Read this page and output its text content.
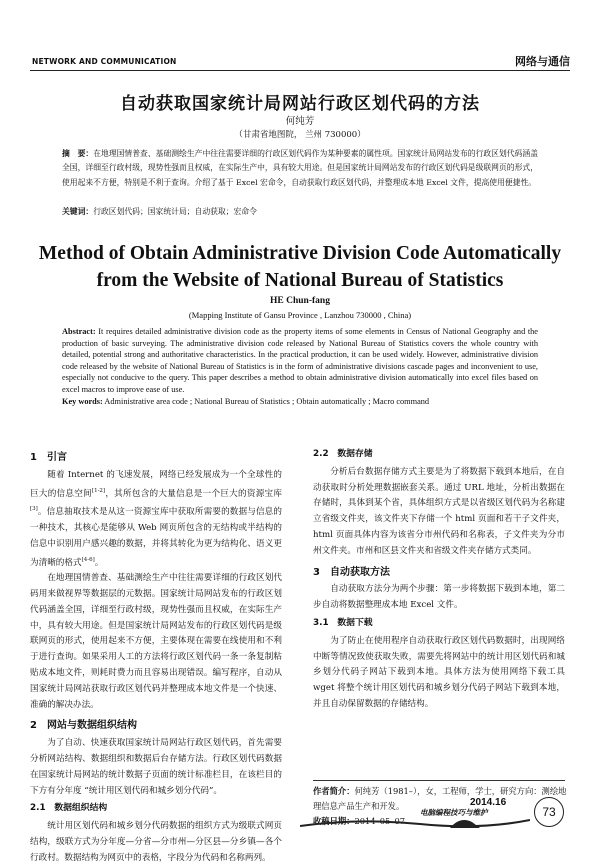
NETWORK AND COMMUNICATION	网络与通信
自动获取国家统计局网站行政区划代码的方法
何纯芳
（甘肃省地图院， 兰州 730000）
摘　要：在地理国情普查、基础测绘生产中往往需要详细的行政区划代码作为某种要素的属性项。国家统计局网站发布的行政区划代码涵盖全国，详细至行政村级，现势性强而且权威，在实际生产中，具有较大用途。但是国家统计局网站发布的行政区划代码是级联网页的形式，使用起来不方便，特别是不利于查询。介绍了基于 Excel 宏命令，自动获取行政区划代码，并整理成本地 Excel 文件，提高使用便捷性。
关键词：行政区划代码；国家统计局；自动获取；宏命令
Method of Obtain Administrative Division Code Automatically from the Website of National Bureau of Statistics
HE Chun-fang
(Mapping Institute of Gansu Province , Lanzhou 730000 , China)
Abstract: It requires detailed administrative division code as the property items of some elements in Census of National Geography and the production of basic surveying. The administrative division code released by National Bureau of Statistics covers the whole country with detailed, potential strong and authoritative characteristics. In the practical production, it can be used widely. However, administrative division code released by the website of National Bureau of Statistics is in the form of administrative divisions cascade pages and inconvenient to use, especially not conducive to the query. This paper describes a method to obtain administrative division automatically into excel files based on excel macros to improve ease of use.
Key words: Administrative area code ; National Bureau of Statistics ; Obtain automatically ; Macro command
1　引言

随着 Internet 的飞速发展，网络已经发展成为一个全球性的巨大的信息空间[1-2]，其所包含的大量信息是一个巨大的资源宝库[3]。信息抽取技术是从这一资源宝库中获取所需要的数据与信息的一种技术，其核心是能够从 Web 网页所包含的无结构或半结构的信息中识别用户感兴趣的数据，并将其转化为更为结构化、语义更为清晰的格式[4-6]。

在地理国情普查、基础测绘生产中往往需要详细的行政区划代码用来做视界等数据层的元数据。国家统计局网站发布的行政区划代码涵盖全国，详细至行政村级，现势性强而且权威，在实际生产中，具有较大用途。但是国家统计局网站发布的行政区划代码是级联网页的形式，使用起来不方便，主要体现在需要在线使用和不利于进行查询。如果采用人工的方法将行政区划代码一条一条复制粘贴成本地文件，则耗时费力而且容易出现错误。编写程序，自动从国家统计局网站获取行政区划代码并整理成本地文件是一个快速、准确的解决办法。

2　网站与数据组织结构

为了自动、快速获取国家统计局网站行政区划代码，首先需要分析网站结构、数据组织和数据后台存储方法。行政区划代码数据在国家统计局网站的统计数据子页面的统计标准栏目，在该栏目的下方有分年度 “统计用区划代码和城乡划分代码”。

2.1　数据组织结构

统计用区划代码和城乡划分代码数据的组织方式为级联式网页结构，级联方式为分年度—分省—分市州—分区县—分乡镇—各个行政村。数据结构为网页中的表格，字段分为代码和名称两列。

2.2　数据存储

分析后台数据存储方式主要是为了将数据下载到本地后，在自动获取时分析处理数据嵌套关系。通过 URL 地址，分析出数据在存储时，具体到某个省，具体组织方式是以省级区划代码为名称建立省级文件夹，该文件夹下存储一个 html 页面和若干子文件夹，html 页面具体内容为该省分市州代码和名称表，子文件夹为分市州文件夹。市州和区县文件夹和省级文件夹存储方式类同。

3　自动获取方法

自动获取方法分为两个步骤：第一步将数据下载到本地，第二步自动将数据整理成本地 Excel 文件。

3.1　数据下载

为了防止在使用程序自动获取行政区划代码数据时，出现网络中断等情况致使获取失败，需要先将网站中的统计用区划代码和城乡划分代码子网站下载到本地。具体方法为使用网络下载工具 wget 将整个统计用区划代码和城乡划分代码子网站下载到本地，并且自动保留数据的存储结构。

作者简介：何纯芳（1981–），女，工程师，学士，研究方向：测绘地理信息产品生产和开发。
收稿日期：2014–05–07
2014.16
电脑编程技巧与维护	73
